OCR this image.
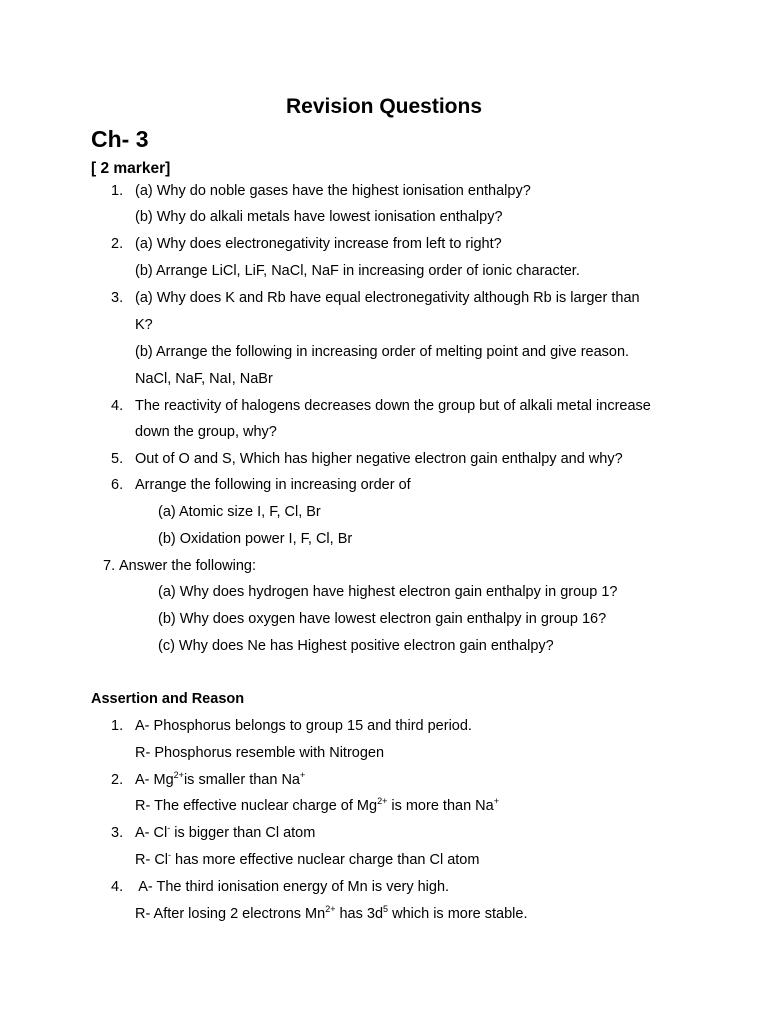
Revision Questions
Ch- 3
[ 2 marker]
1. (a) Why do noble gases have the highest ionisation enthalpy?
(b) Why do alkali metals have lowest ionisation enthalpy?
2. (a) Why does electronegativity increase from left to right?
(b) Arrange LiCl, LiF, NaCl, NaF in increasing order of ionic character.
3. (a) Why does K and Rb have equal electronegativity although Rb is larger than
K?
(b) Arrange the following in increasing order of melting point and give reason.
NaCl, NaF, NaI, NaBr
4. The reactivity of halogens decreases down the group but of alkali metal increase
down the group, why?
5. Out of O and S, Which has higher negative electron gain enthalpy and why?
6. Arrange the following in increasing order of
(a) Atomic size I, F, Cl, Br
(b) Oxidation power I, F, Cl, Br
7. Answer the following:
(a) Why does hydrogen have highest electron gain enthalpy in group 1?
(b) Why does oxygen have lowest electron gain enthalpy in group 16?
(c) Why does Ne has Highest positive electron gain enthalpy?
Assertion and Reason
1. A- Phosphorus belongs to group 15 and third period.
R- Phosphorus resemble with Nitrogen
2. A- $Mg^{2+}is$ smaller than Na+
R- The effective nuclear charge of $Mg^{2+}$ is more than Na+
3. A- Cl- is bigger than Cl atom
R- Cl- has more effective nuclear charge than Cl atom
4. A- The third ionisation energy of Mn is very high.
R- After losing 2 electrons $Mn^{2+}$ has $3d^5$ which is more stable.
